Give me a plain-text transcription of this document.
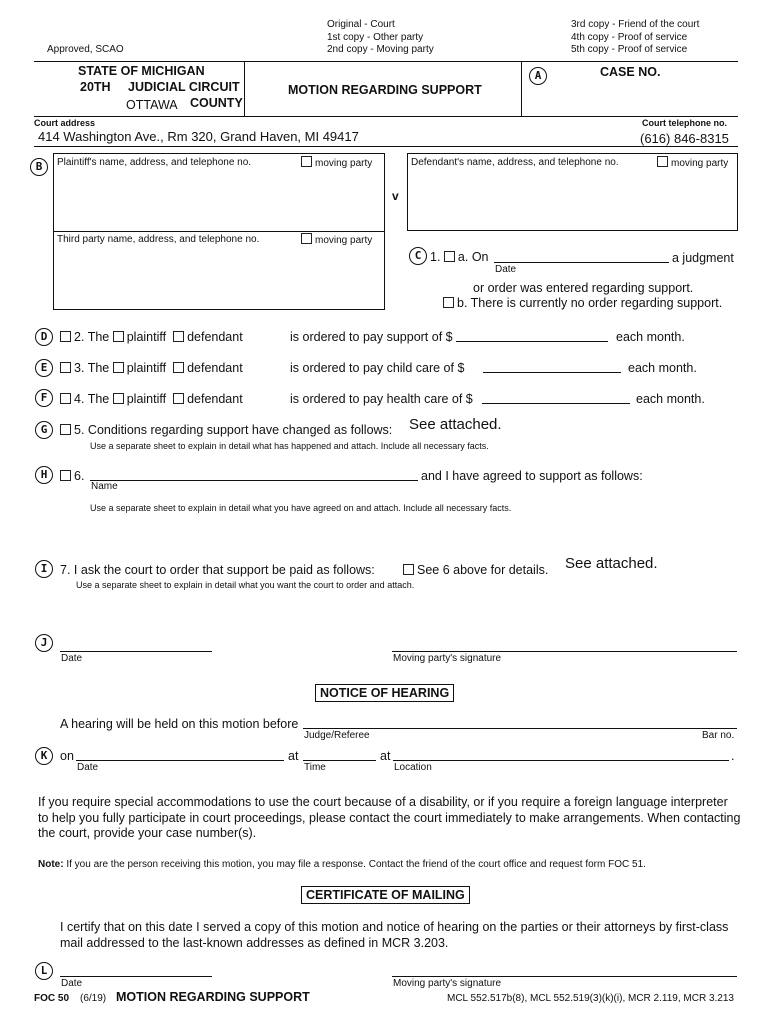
Approved, SCAO
Original - Court
1st copy - Other party
2nd copy - Moving party
3rd copy - Friend of the court
4th copy - Proof of service
5th copy - Proof of service
STATE OF MICHIGAN
20TH JUDICIAL CIRCUIT
OTTAWA COUNTY
MOTION REGARDING SUPPORT
A	CASE NO.
Court address	Court telephone no.
414 Washington Ave., Rm 320, Grand Haven, MI 49417	(616) 846-8315
B	Plaintiff's name, address, and telephone no.	moving party
Third party name, address, and telephone no.	moving party
v
Defendant's name, address, and telephone no.	moving party
C 1. a. On
Date
a judgment
or order was entered regarding support.
b. There is currently no order regarding support.
D	2. The plaintiff defendant	is ordered to pay support of $	each month.
E	3. The plaintiff defendant	is ordered to pay child care of $	each month.
F	4. The plaintiff defendant	is ordered to pay health care of $	each month.
G	5. Conditions regarding support have changed as follows: See attached.
Use a separate sheet to explain in detail what has happened and attach. Include all necessary facts.
H	6.
Name
and I have agreed to support as follows:
Use a separate sheet to explain in detail what you have agreed on and attach. Include all necessary facts.
I	7. I ask the court to order that support be paid as follows:	See 6 above for details. See attached.
Use a separate sheet to explain in detail what you want the court to order and attach.
J
Date	Moving party's signature
NOTICE OF HEARING
A hearing will be held on this motion before
Judge/Referee	Bar no.
K	on
Date
at
Time
at
Location
.
If you require special accommodations to use the court because of a disability, or if you require a foreign language interpreter
to help you fully participate in court proceedings, please contact the court immediately to make arrangements. When contacting
the court, provide your case number(s).
Note: If you are the person receiving this motion, you may file a response. Contact the friend of the court office and request form FOC 51.
CERTIFICATE OF MAILING
I certify that on this date I served a copy of this motion and notice of hearing on the parties or their attorneys by first-class
mail addressed to the last-known addresses as defined in MCR 3.203.
L
Date	Moving party's signature
FOC 50 (6/19) MOTION REGARDING SUPPORT	MCL 552.517b(8), MCL 552.519(3)(k)(i), MCR 2.119, MCR 3.213
